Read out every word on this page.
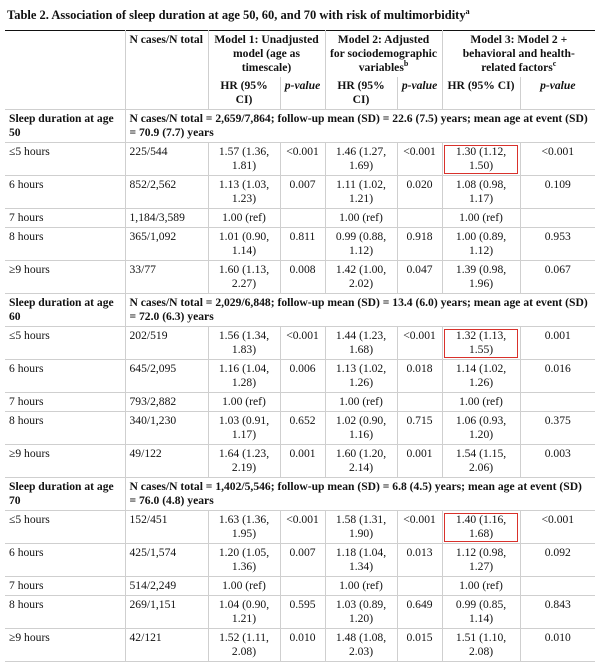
Table 2. Association of sleep duration at age 50, 60, and 70 with risk of multimorbidity$^a$
	N cases/N total	Model 1: Unadjusted model (age as timescale)		Model 2: Adjusted for sociodemographic variables$^b$		Model 3: Model 2 + behavioral and health-related factors$^c$
		HR (95% CI)	p-value	HR (95% CI)	p-value	HR (95% CI)	p-value
Sleep duration at age 50	N cases/N total = 2,659/7,864; follow-up mean (SD) = 22.6 (7.5) years; mean age at event (SD) = 70.9 (7.7) years						
≤5 hours	225/544	1.57 (1.36, 1.81)	<0.001	1.46 (1.27, 1.69)	<0.001	1.30 (1.12, 1.50)	<0.001
6 hours	852/2,562	1.13 (1.03, 1.23)	0.007	1.11 (1.02, 1.21)	0.020	1.08 (0.98, 1.17)	0.109
7 hours	1,184/3,589	1.00 (ref)		1.00 (ref)		1.00 (ref)	
8 hours	365/1,092	1.01 (0.90, 1.14)	0.811	0.99 (0.88, 1.12)	0.918	1.00 (0.89, 1.12)	0.953
≥9 hours	33/77	1.60 (1.13, 2.27)	0.008	1.42 (1.00, 2.02)	0.047	1.39 (0.98, 1.96)	0.067
Sleep duration at age 60	N cases/N total = 2,029/6,848; follow-up mean (SD) = 13.4 (6.0) years; mean age at event (SD) = 72.0 (6.3) years						
≤5 hours	202/519	1.56 (1.34, 1.83)	<0.001	1.44 (1.23, 1.68)	<0.001	1.32 (1.13, 1.55)	0.001
6 hours	645/2,095	1.16 (1.04, 1.28)	0.006	1.13 (1.02, 1.26)	0.018	1.14 (1.02, 1.26)	0.016
7 hours	793/2,882	1.00 (ref)		1.00 (ref)		1.00 (ref)	
8 hours	340/1,230	1.03 (0.91, 1.17)	0.652	1.02 (0.90, 1.16)	0.715	1.06 (0.93, 1.20)	0.375
≥9 hours	49/122	1.64 (1.23, 2.19)	0.001	1.60 (1.20, 2.14)	0.001	1.54 (1.15, 2.06)	0.003
Sleep duration at age 70	N cases/N total = 1,402/5,546; follow-up mean (SD) = 6.8 (4.5) years; mean age at event (SD) = 76.0 (4.8) years						
≤5 hours	152/451	1.63 (1.36, 1.95)	<0.001	1.58 (1.31, 1.90)	<0.001	1.40 (1.16, 1.68)	<0.001
6 hours	425/1,574	1.20 (1.05, 1.36)	0.007	1.18 (1.04, 1.34)	0.013	1.12 (0.98, 1.27)	0.092
7 hours	514/2,249	1.00 (ref)		1.00 (ref)		1.00 (ref)	
8 hours	269/1,151	1.04 (0.90, 1.21)	0.595	1.03 (0.89, 1.20)	0.649	0.99 (0.85, 1.14)	0.843
≥9 hours	42/121	1.52 (1.11, 2.08)	0.010	1.48 (1.08, 2.03)	0.015	1.51 (1.10, 2.08)	0.010
